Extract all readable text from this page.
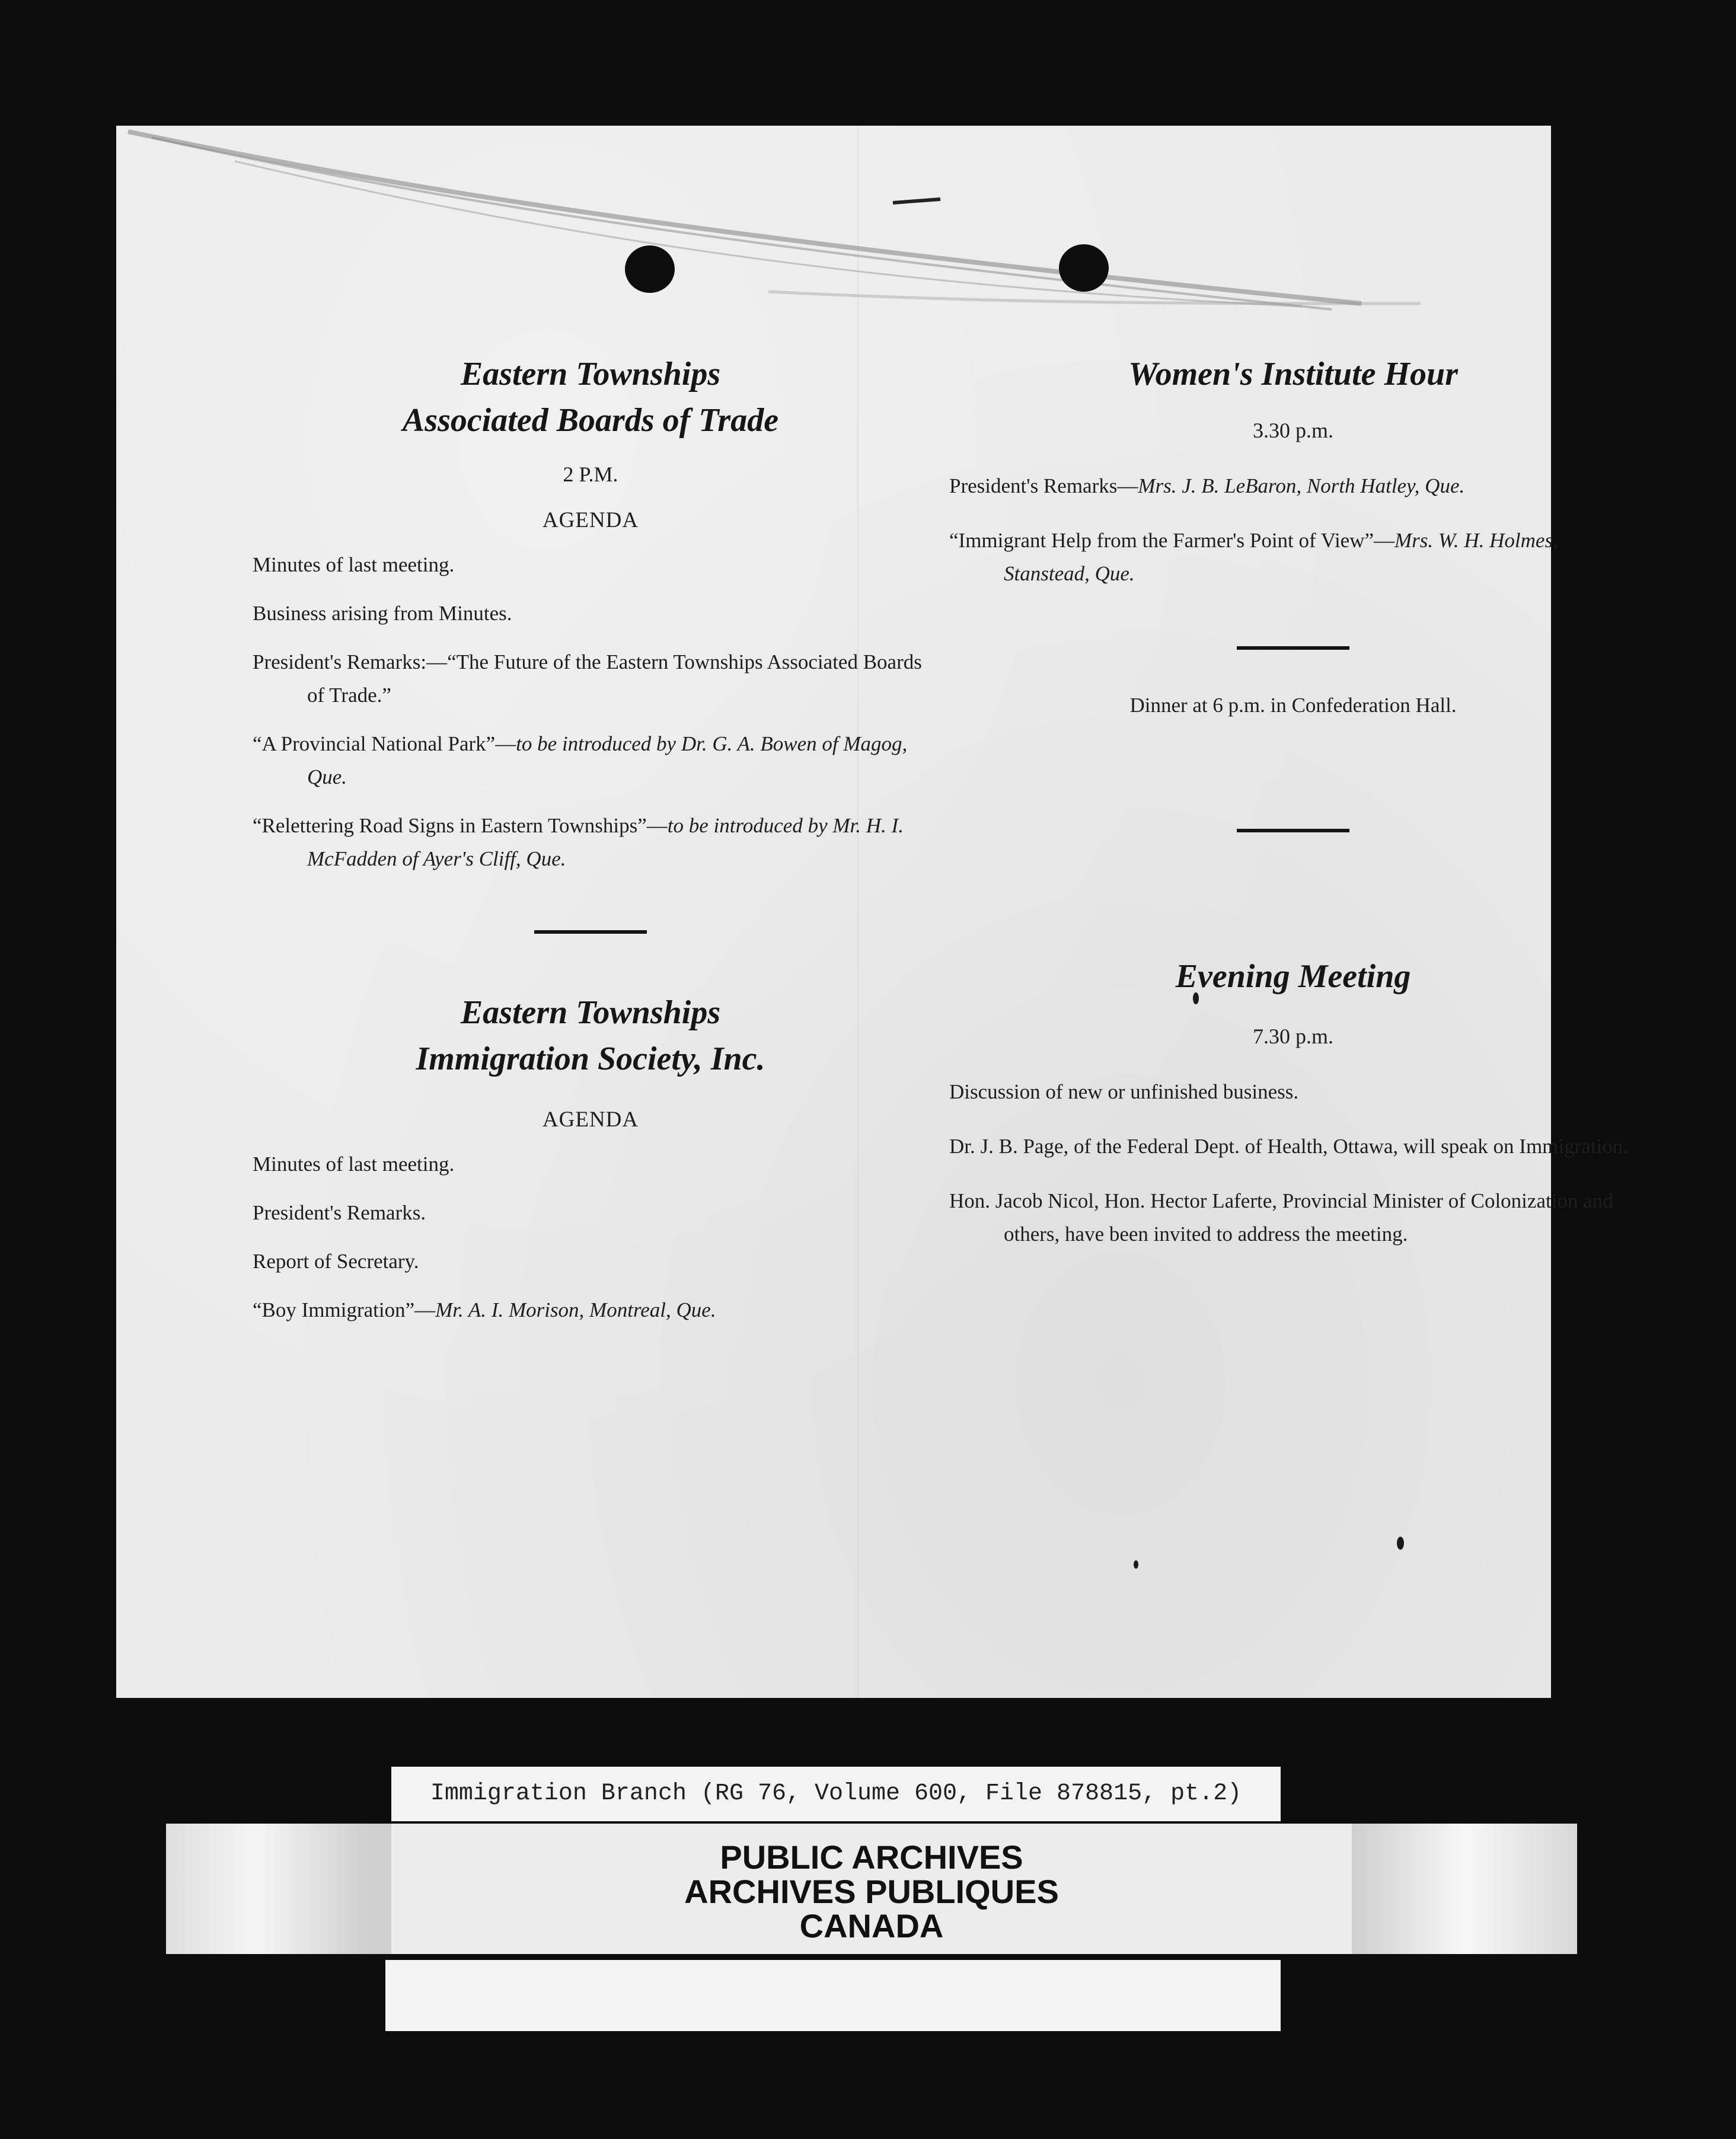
Eastern Townships
Associated Boards of Trade
2 P.M.
AGENDA
Minutes of last meeting.
Business arising from Minutes.
President's Remarks:—“The Future of the Eastern Townships Associated Boards of Trade.”
“A Provincial National Park”—to be introduced by Dr. G. A. Bowen of Magog, Que.
“Relettering Road Signs in Eastern Townships”—to be introduced by Mr. H. I. McFadden of Ayer's Cliff, Que.
Eastern Townships
Immigration Society, Inc.
AGENDA
Minutes of last meeting.
President's Remarks.
Report of Secretary.
“Boy Immigration”—Mr. A. I. Morison, Montreal, Que.
Women's Institute Hour
3.30 p.m.
President's Remarks—Mrs. J. B. LeBaron, North Hatley, Que.
“Immigrant Help from the Farmer's Point of View”—Mrs. W. H. Holmes, Stanstead, Que.
Dinner at 6 p.m. in Confederation Hall.
Evening Meeting
7.30 p.m.
Discussion of new or unfinished business.
Dr. J. B. Page, of the Federal Dept. of Health, Ottawa, will speak on Immigration.
Hon. Jacob Nicol, Hon. Hector Laferte, Provincial Minister of Colonization and others, have been invited to address the meeting.
Immigration Branch (RG 76, Volume 600, File 878815, pt.2)
PUBLIC ARCHIVES
ARCHIVES PUBLIQUES
CANADA
